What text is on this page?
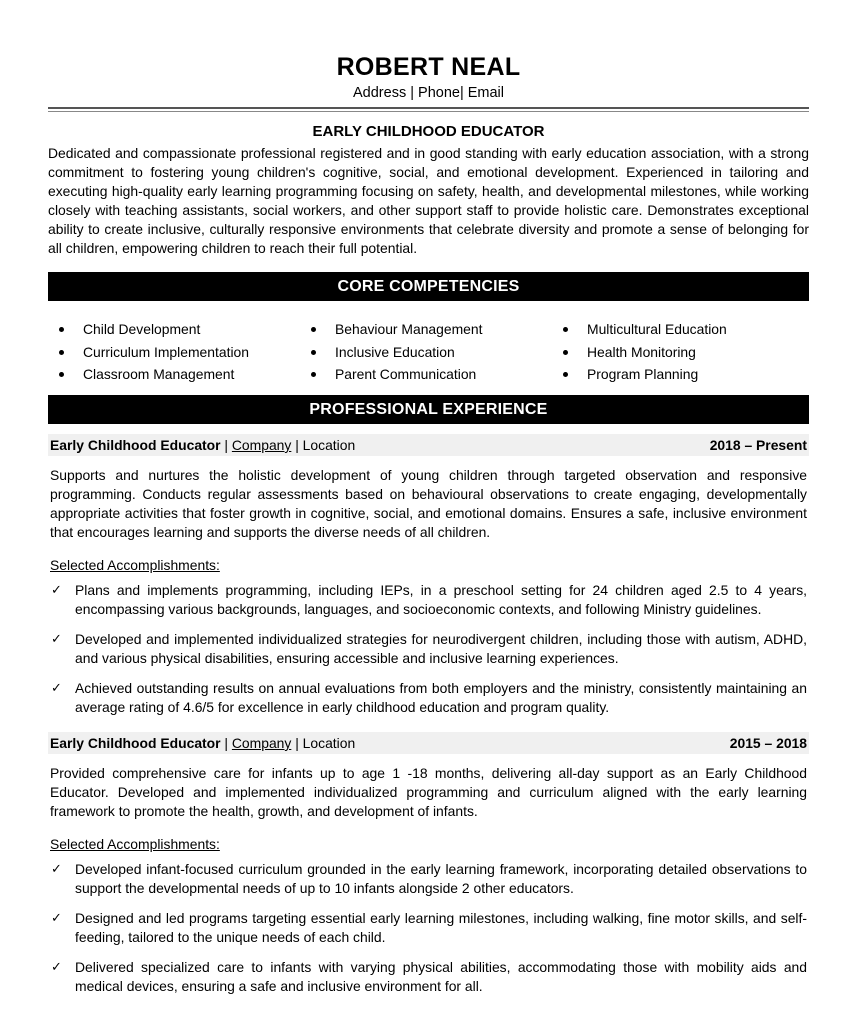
ROBERT NEAL
Address | Phone| Email
EARLY CHILDHOOD EDUCATOR

Dedicated and compassionate professional registered and in good standing with early education association, with a strong commitment to fostering young children's cognitive, social, and emotional development. Experienced in tailoring and executing high-quality early learning programming focusing on safety, health, and developmental milestones, while working closely with teaching assistants, social workers, and other support staff to provide holistic care. Demonstrates exceptional ability to create inclusive, culturally responsive environments that celebrate diversity and promote a sense of belonging for all children, empowering children to reach their full potential.

CORE COMPETENCIES
Child Development	Behaviour Management	Multicultural Education
Curriculum Implementation	Inclusive Education	Health Monitoring
Classroom Management	Parent Communication	Program Planning
PROFESSIONAL EXPERIENCE
Early Childhood Educator | Company | Location	2018 – Present

Supports and nurtures the holistic development of young children through targeted observation and responsive programming. Conducts regular assessments based on behavioural observations to create engaging, developmentally appropriate activities that foster growth in cognitive, social, and emotional domains. Ensures a safe, inclusive environment that encourages learning and supports the diverse needs of all children.

Selected Accomplishments:
✓ Plans and implements programming, including IEPs, in a preschool setting for 24 children aged 2.5 to 4 years, encompassing various backgrounds, languages, and socioeconomic contexts, and following Ministry guidelines.
✓ Developed and implemented individualized strategies for neurodivergent children, including those with autism, ADHD, and various physical disabilities, ensuring accessible and inclusive learning experiences.
✓ Achieved outstanding results on annual evaluations from both employers and the ministry, consistently maintaining an average rating of 4.6/5 for excellence in early childhood education and program quality.
Early Childhood Educator | Company | Location	2015 – 2018

Provided comprehensive care for infants up to age 1 -18 months, delivering all-day support as an Early Childhood Educator. Developed and implemented individualized programming and curriculum aligned with the early learning framework to promote the health, growth, and development of infants.

Selected Accomplishments:
✓ Developed infant-focused curriculum grounded in the early learning framework, incorporating detailed observations to support the developmental needs of up to 10 infants alongside 2 other educators.
✓ Designed and led programs targeting essential early learning milestones, including walking, fine motor skills, and self-feeding, tailored to the unique needs of each child.
✓ Delivered specialized care to infants with varying physical abilities, accommodating those with mobility aids and medical devices, ensuring a safe and inclusive environment for all.
